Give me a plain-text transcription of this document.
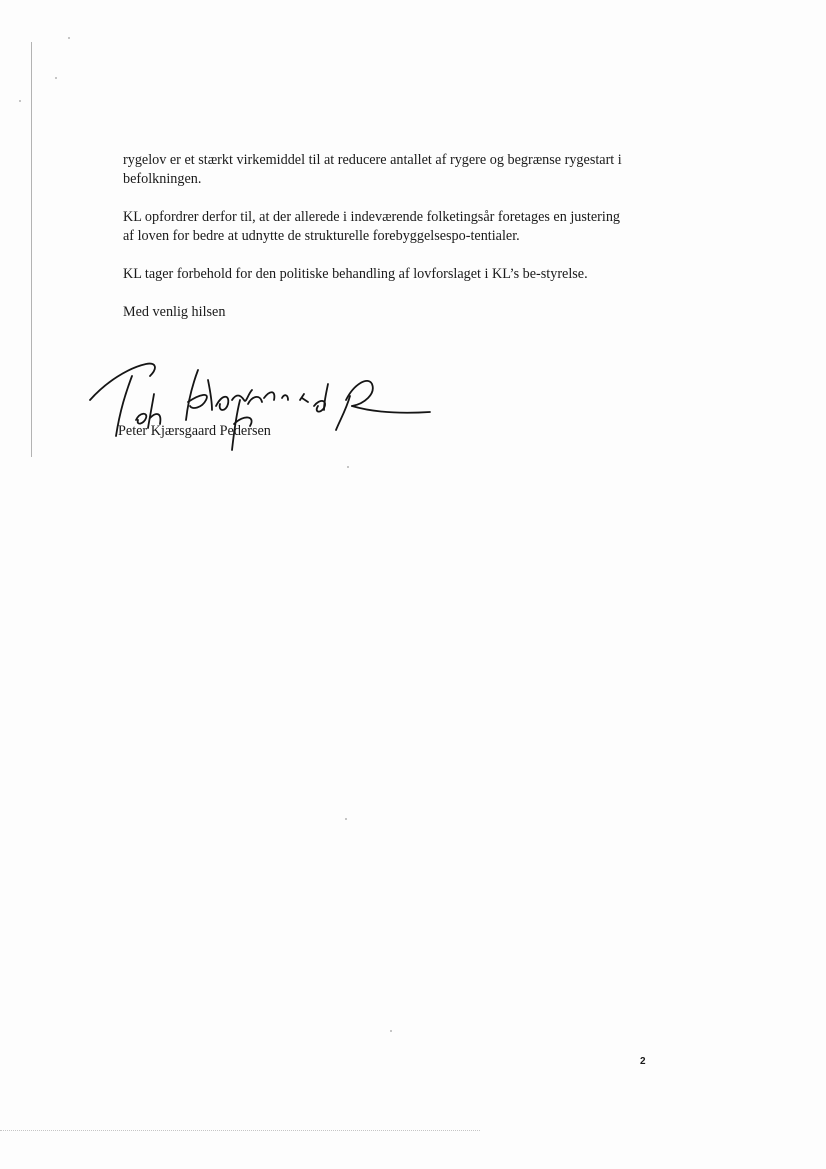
rygelov er et stærkt virkemiddel til at reducere antallet af rygere og begrænse rygestart i befolkningen.

KL opfordrer derfor til, at der allerede i indeværende folketingsår foretages en justering af loven for bedre at udnytte de strukturelle forebyggelsespo-tentialer.

KL tager forbehold for den politiske behandling af lovforslaget i KL’s be-styrelse.

Med venlig hilsen

Peter Kjærsgaard Pedersen
2
